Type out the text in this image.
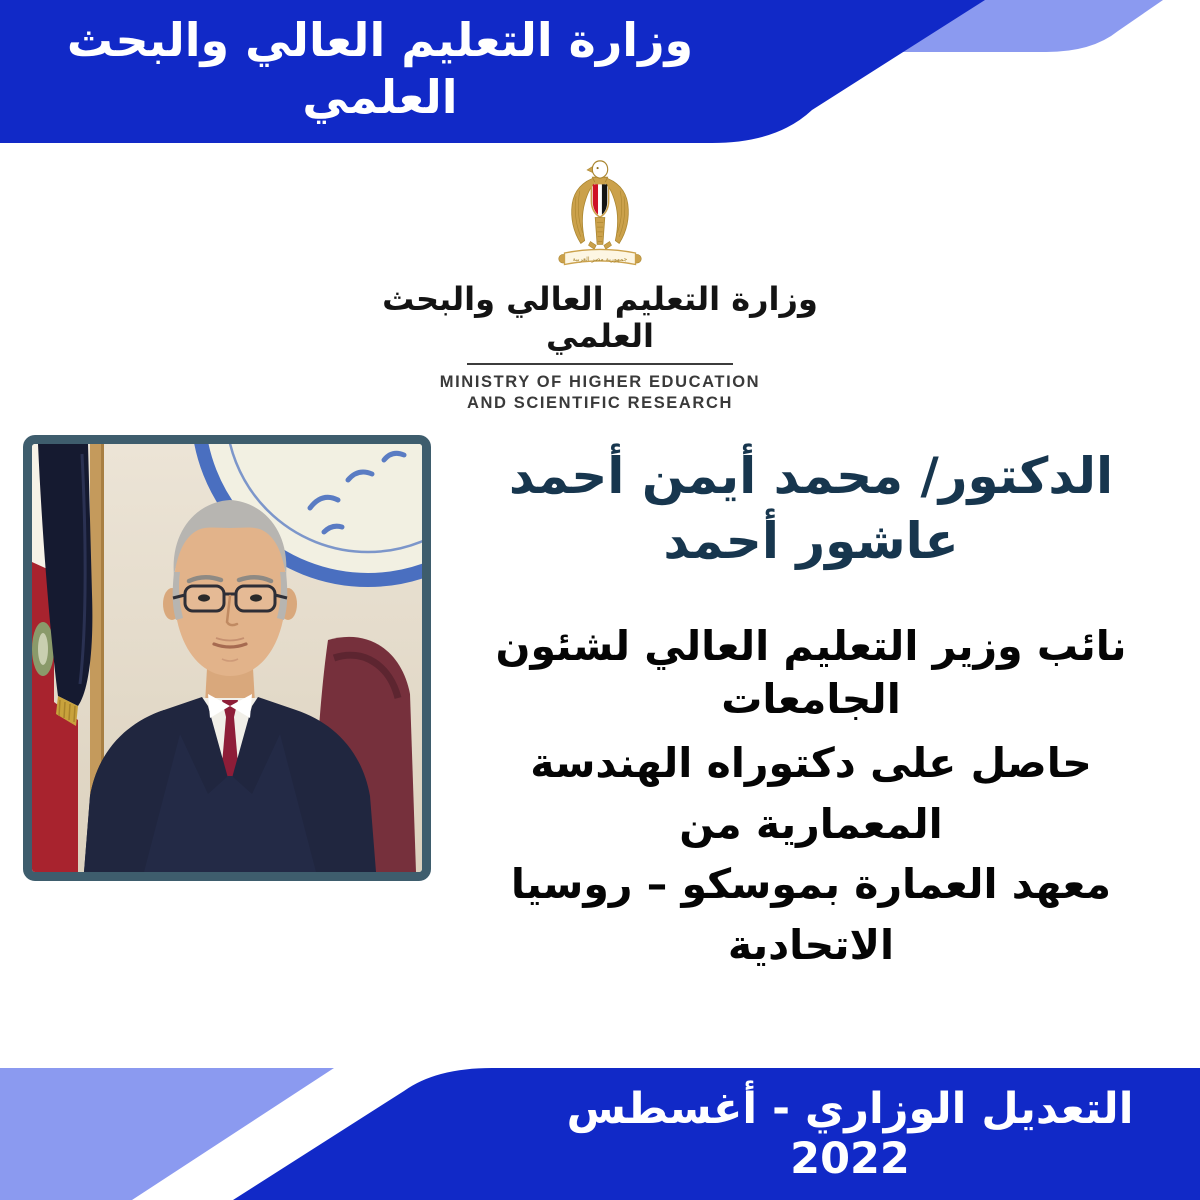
وزارة التعليم العالي والبحث العلمي
جمهورية مصر العربية
وزارة التعليم العالي والبحث العلمي
MINISTRY OF HIGHER EDUCATION
AND SCIENTIFIC RESEARCH
الدكتور/ محمد أيمن أحمد عاشور أحمد
نائب وزير التعليم العالي لشئون الجامعات
حاصل على دكتوراه الهندسة المعمارية من
معهد العمارة بموسكو – روسيا الاتحادية
التعديل الوزاري - أغسطس 2022
